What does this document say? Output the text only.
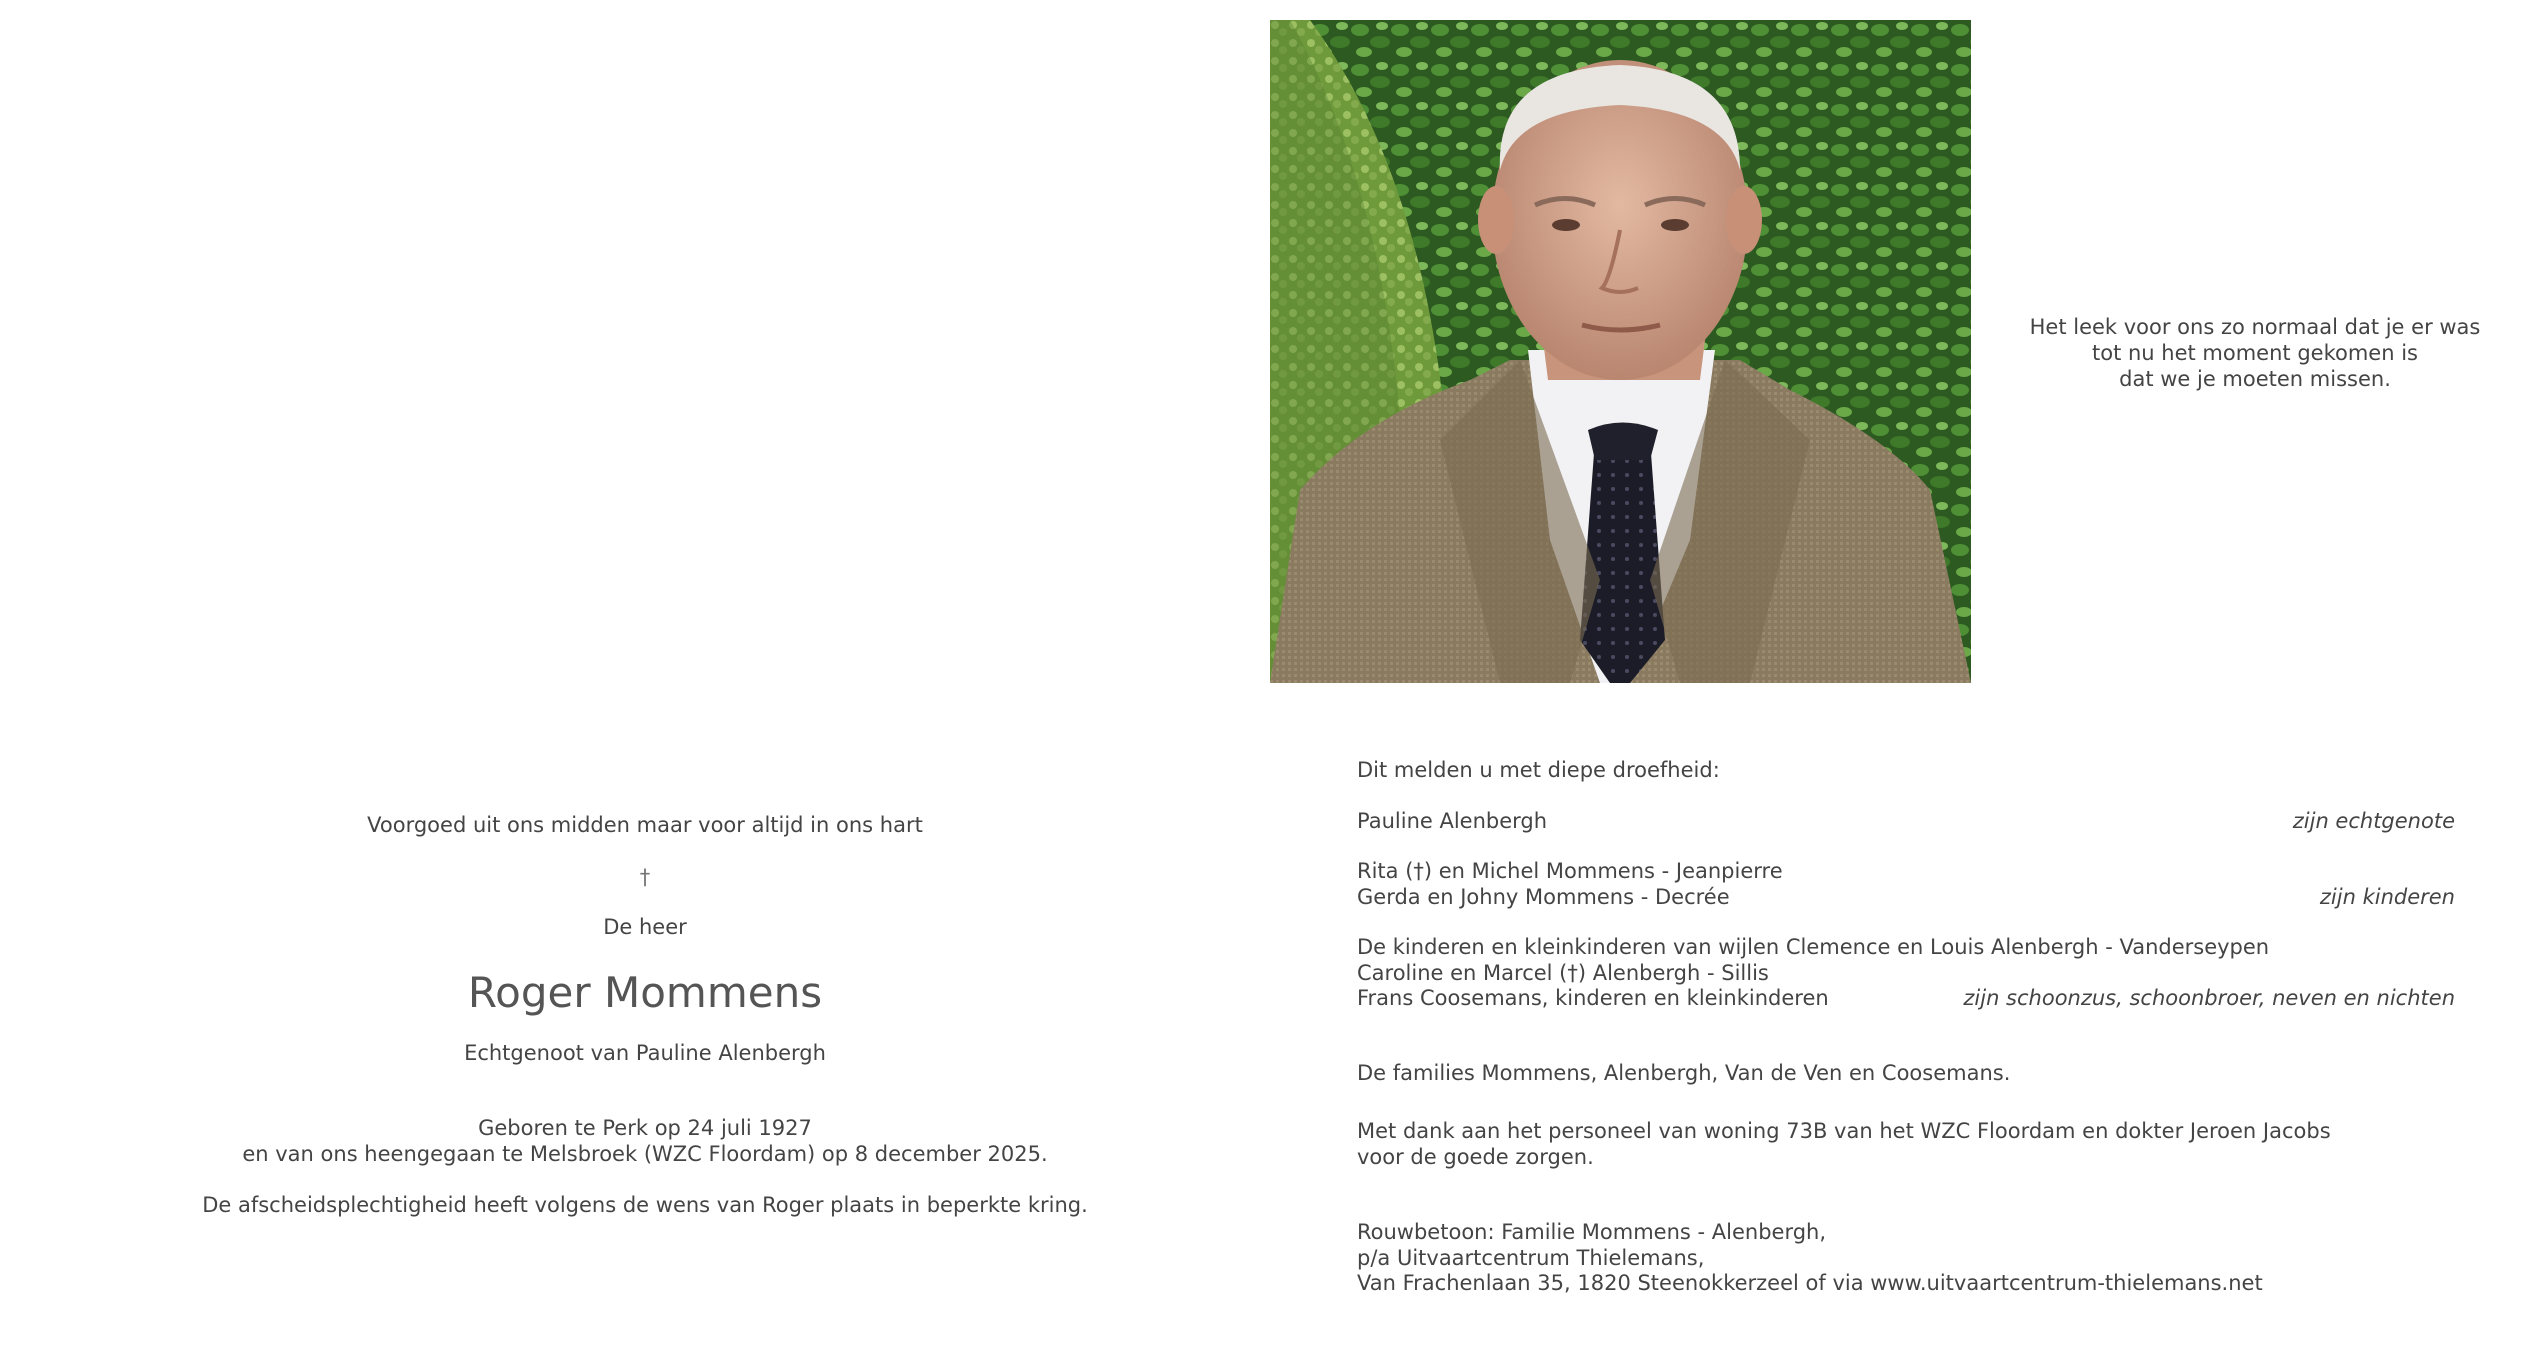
Voorgoed uit ons midden maar voor altijd in ons hart
†
De heer
Roger Mommens
Echtgenoot van Pauline Alenbergh
Geboren te Perk op 24 juli 1927
en van ons heengegaan te Melsbroek (WZC Floordam) op 8 december 2025.
De afscheidsplechtigheid heeft volgens de wens van Roger plaats in beperkte kring.
Het leek voor ons zo normaal dat je er was
tot nu het moment gekomen is
dat we je moeten missen.
Dit melden u met diepe droefheid:
Pauline Alenbergh	zijn echtgenote
Rita (†) en Michel Mommens - Jeanpierre
Gerda en Johny Mommens - Decrée	zijn kinderen
De kinderen en kleinkinderen van wijlen Clemence en Louis Alenbergh - Vanderseypen
Caroline en Marcel (†) Alenbergh - Sillis
Frans Coosemans, kinderen en kleinkinderen	zijn schoonzus, schoonbroer, neven en nichten
De families Mommens, Alenbergh, Van de Ven en Coosemans.
Met dank aan het personeel van woning 73B van het WZC Floordam en dokter Jeroen Jacobs
voor de goede zorgen.
Rouwbetoon: Familie Mommens - Alenbergh,
p/a Uitvaartcentrum Thielemans,
Van Frachenlaan 35, 1820 Steenokkerzeel of via www.uitvaartcentrum-thielemans.net
